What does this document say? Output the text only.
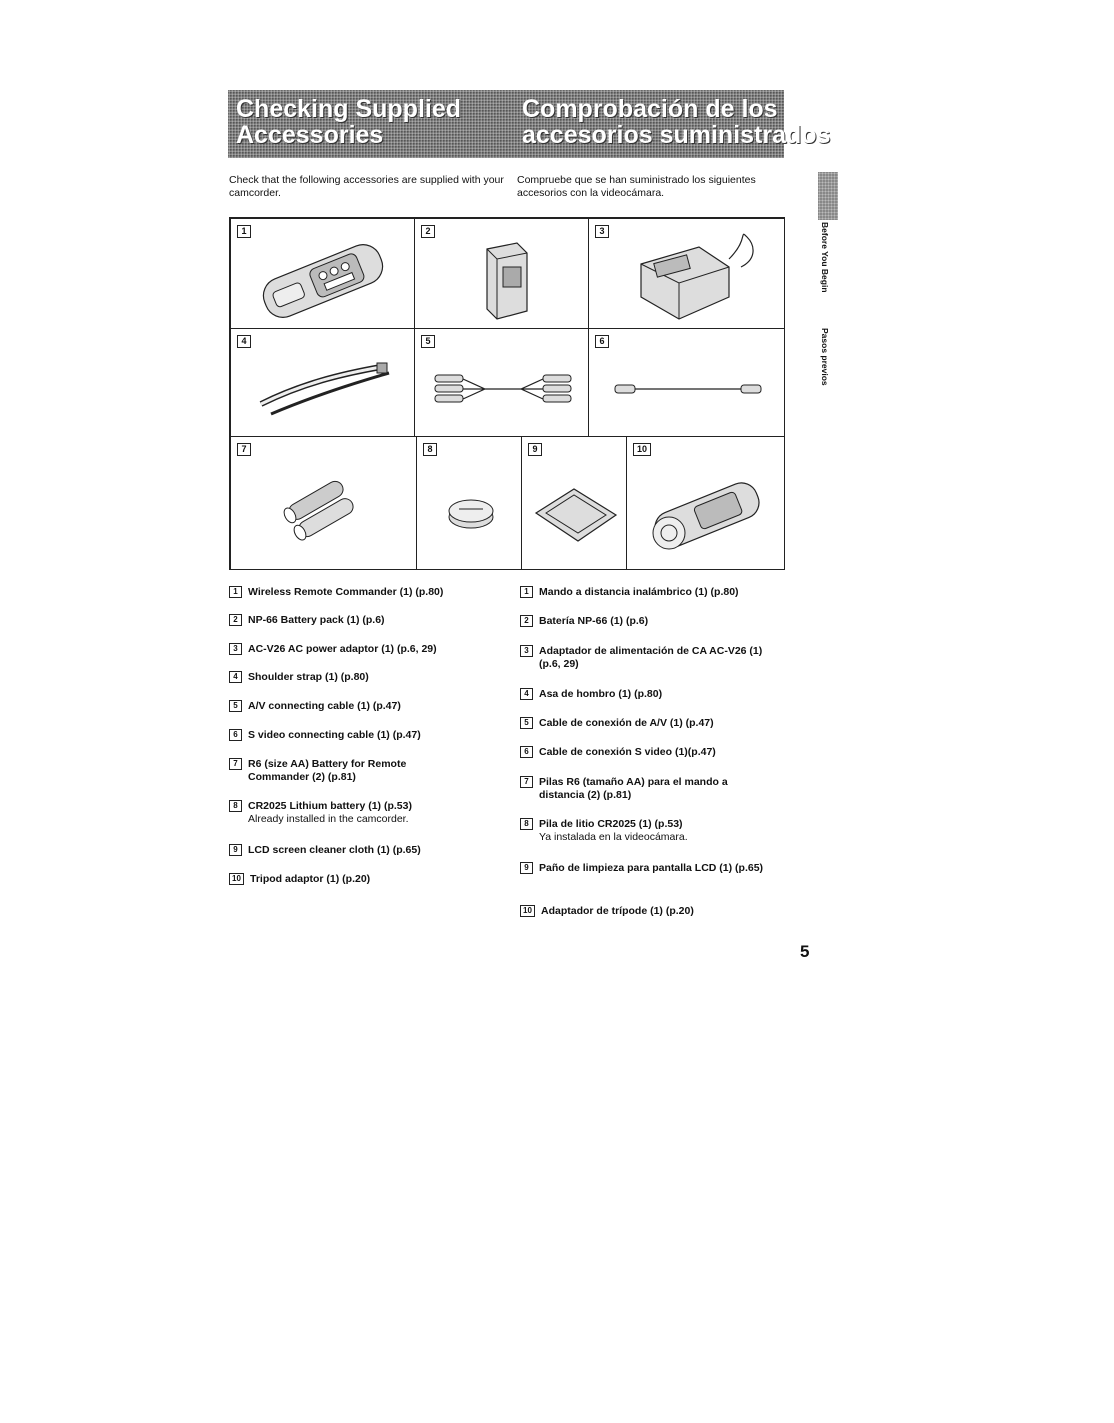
Checking Supplied
Accessories
Comprobación de los
accesorios suministrados
Check that the following accessories are supplied with your camcorder.
Compruebe que se han suministrado los siguientes accesorios con la videocámara.
Before You Begin
Pasos previos
1	2	3
4	5	6
7	8	9	10
1 Wireless Remote Commander (1) (p.80)
2 NP-66 Battery pack (1) (p.6)
3 AC-V26 AC power adaptor (1) (p.6, 29)
4 Shoulder strap (1) (p.80)
5 A/V connecting cable (1) (p.47)
6 S video connecting cable (1) (p.47)
7 R6 (size AA) Battery for Remote Commander (2) (p.81)
8 CR2025 Lithium battery (1) (p.53)
Already installed in the camcorder.
9 LCD screen cleaner cloth (1) (p.65)
10 Tripod adaptor (1) (p.20)
1 Mando a distancia inalámbrico (1) (p.80)
2 Batería NP-66 (1) (p.6)
3 Adaptador de alimentación de CA AC-V26 (1) (p.6, 29)
4 Asa de hombro (1) (p.80)
5 Cable de conexión de A/V (1) (p.47)
6 Cable de conexión S video (1)(p.47)
7 Pilas R6 (tamaño AA) para el mando a distancia (2) (p.81)
8 Pila de litio CR2025 (1) (p.53)
Ya instalada en la videocámara.
9 Paño de limpieza para pantalla LCD (1) (p.65)
10 Adaptador de trípode (1) (p.20)
5
